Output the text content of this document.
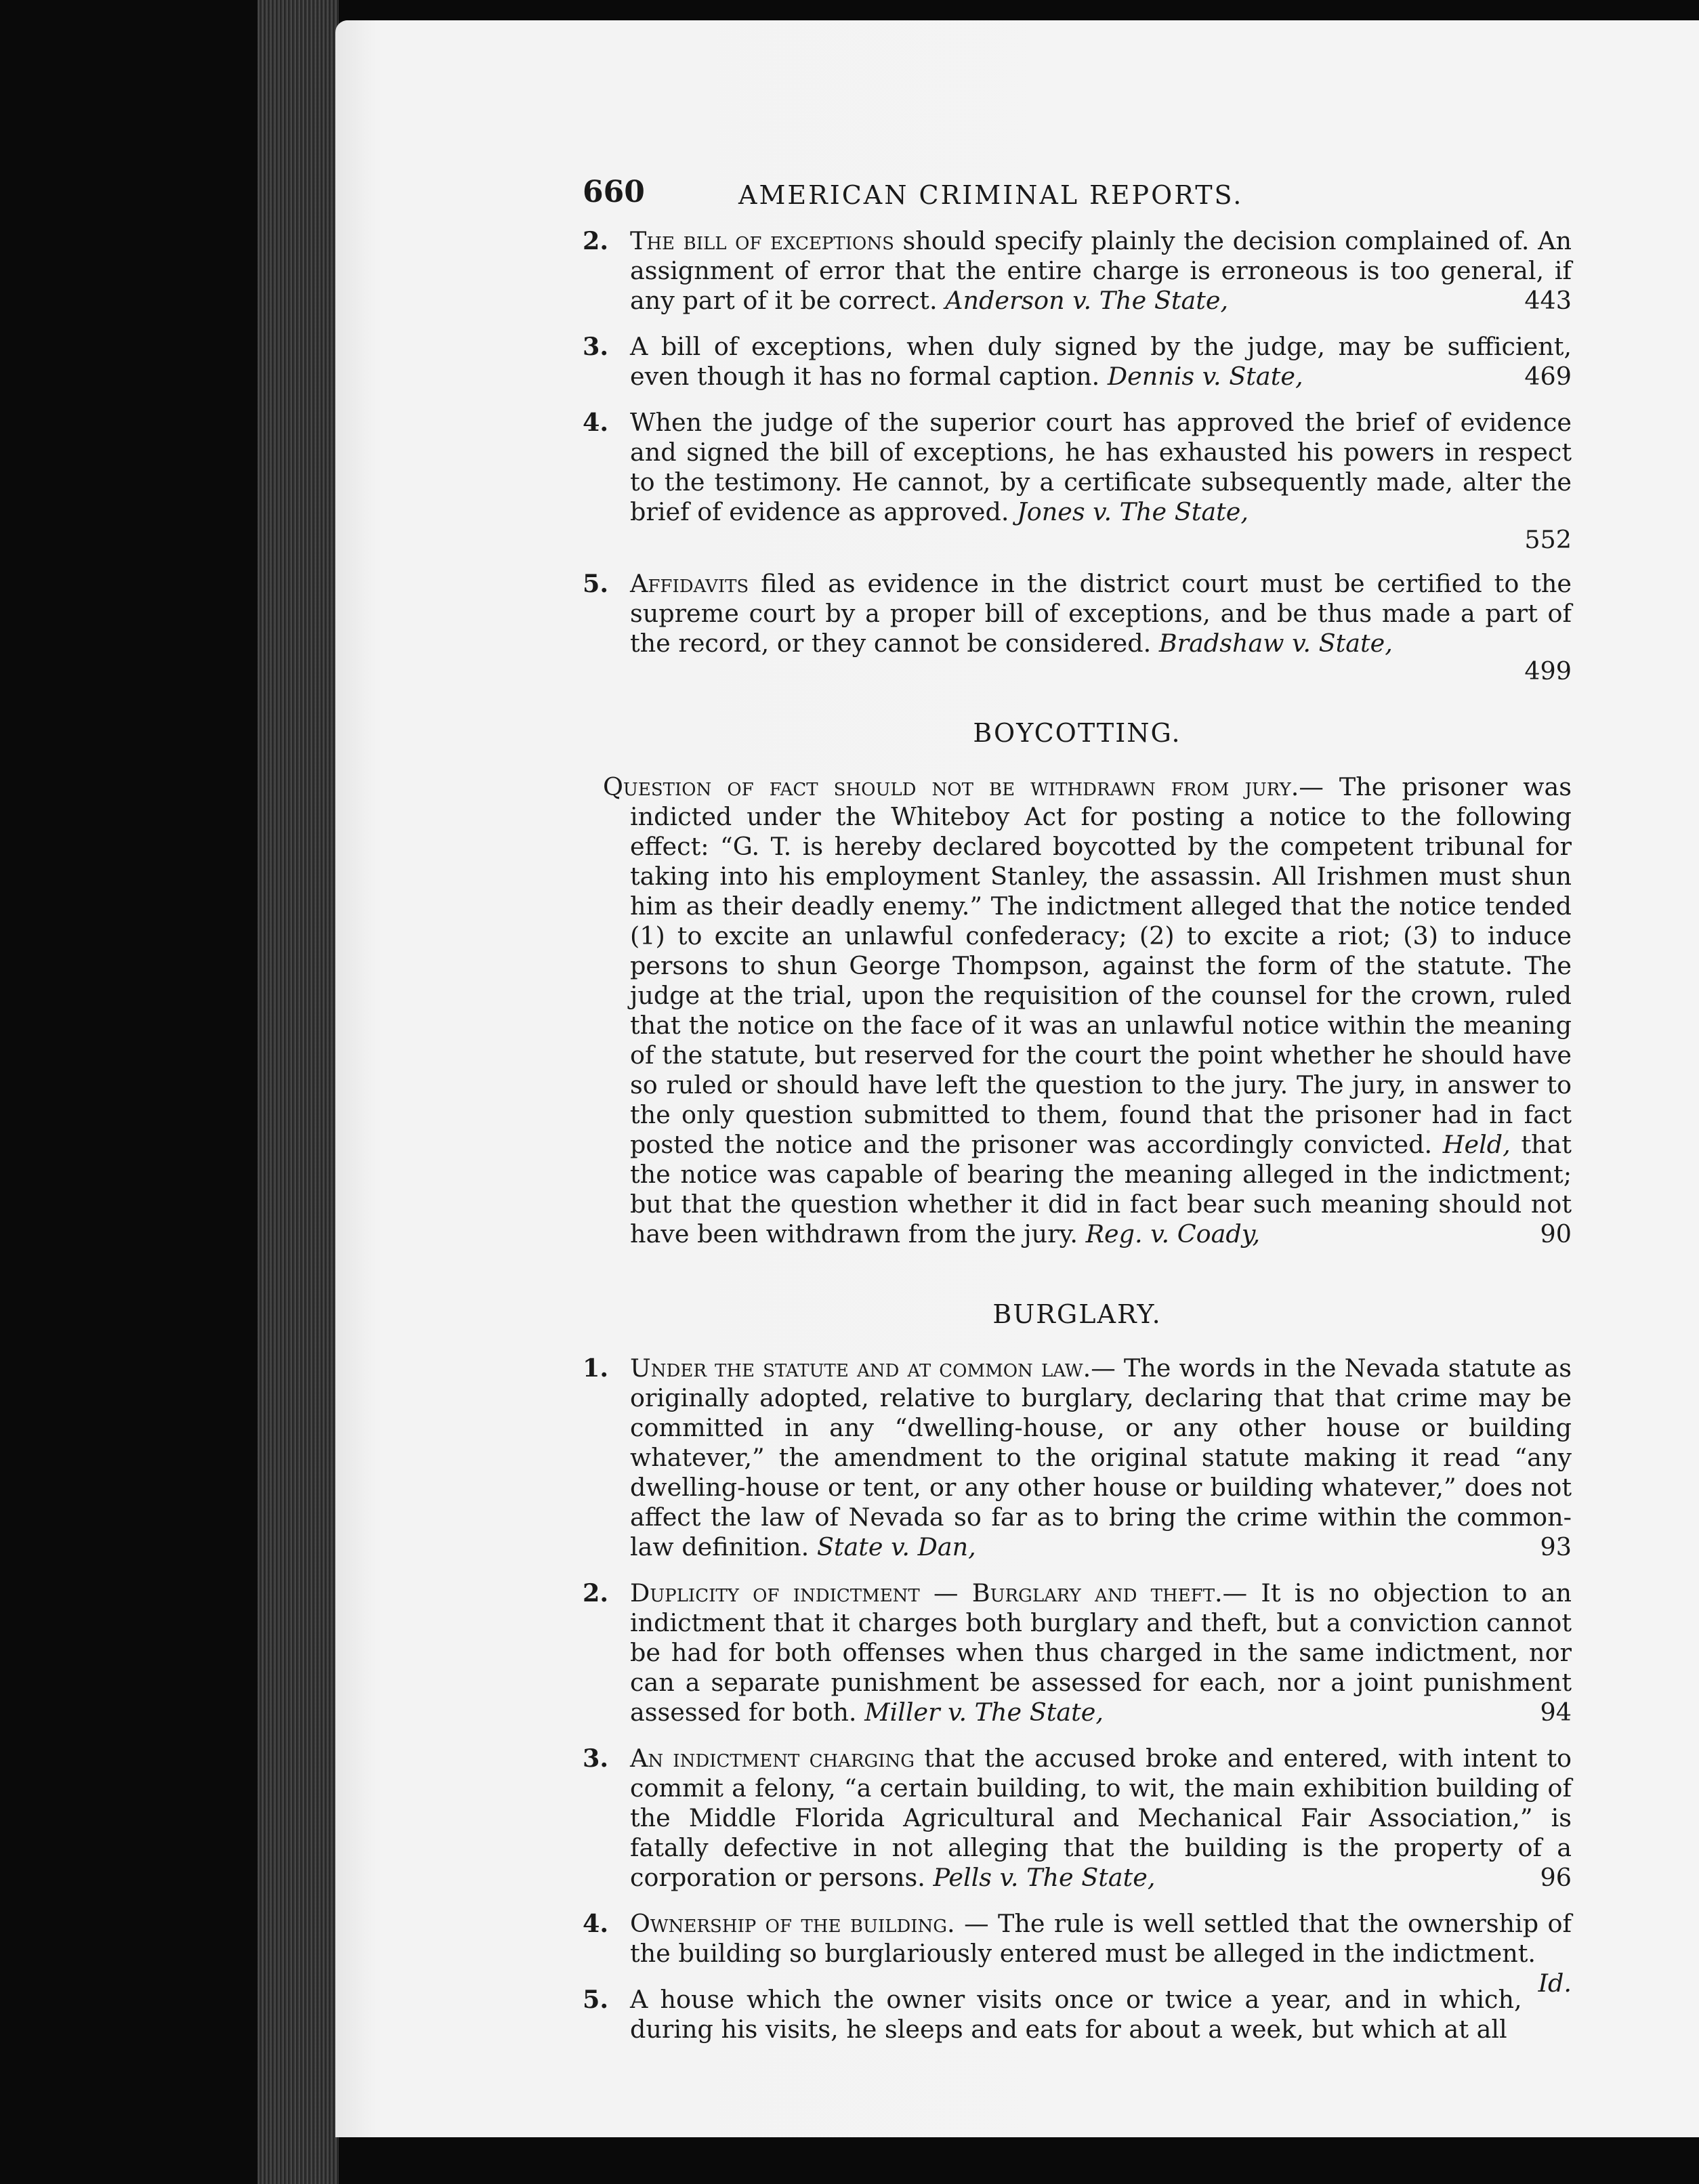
660	AMERICAN CRIMINAL REPORTS.
2. The bill of exceptions should specify plainly the decision complained of. An assignment of error that the entire charge is erroneous is too general, if any part of it be correct. Anderson v. The State,	443

3. A bill of exceptions, when duly signed by the judge, may be sufficient, even though it has no formal caption. Dennis v. State,	469

4. When the judge of the superior court has approved the brief of evidence and signed the bill of exceptions, he has exhausted his powers in respect to the testimony. He cannot, by a certificate subsequently made, alter the brief of evidence as approved. Jones v. The State,

552

5. Affidavits filed as evidence in the district court must be certified to the supreme court by a proper bill of exceptions, and be thus made a part of the record, or they cannot be considered. Bradshaw v. State,

499

BOYCOTTING.

Question of fact should not be withdrawn from jury.— The prisoner was indicted under the Whiteboy Act for posting a notice to the following effect: “G. T. is hereby declared boycotted by the competent tribunal for taking into his employment Stanley, the assassin. All Irishmen must shun him as their deadly enemy.” The indictment alleged that the notice tended (1) to excite an unlawful confederacy; (2) to excite a riot; (3) to induce persons to shun George Thompson, against the form of the statute. The judge at the trial, upon the requisition of the counsel for the crown, ruled that the notice on the face of it was an unlawful notice within the meaning of the statute, but reserved for the court the point whether he should have so ruled or should have left the question to the jury. The jury, in answer to the only question submitted to them, found that the prisoner had in fact posted the notice and the prisoner was accordingly convicted. Held, that the notice was capable of bearing the meaning alleged in the indictment; but that the question whether it did in fact bear such meaning should not have been withdrawn from the jury. Reg. v. Coady,	90

BURGLARY.
1. Under the statute and at common law.— The words in the Nevada statute as originally adopted, relative to burglary, declaring that that crime may be committed in any “dwelling-house, or any other house or building whatever,” the amendment to the original statute making it read “any dwelling-house or tent, or any other house or building whatever,” does not affect the law of Nevada so far as to bring the crime within the common-law definition. State v. Dan,	93

2. Duplicity of indictment — Burglary and theft.— It is no objection to an indictment that it charges both burglary and theft, but a conviction cannot be had for both offenses when thus charged in the same indictment, nor can a separate punishment be assessed for each, nor a joint punishment assessed for both. Miller v. The State,	94

3. An indictment charging that the accused broke and entered, with intent to commit a felony, “a certain building, to wit, the main exhibition building of the Middle Florida Agricultural and Mechanical Fair Association,” is fatally defective in not alleging that the building is the property of a corporation or persons. Pells v. The State,	96

4. Ownership of the building. — The rule is well settled that the ownership of the building so burglariously entered must be alleged in the indictment.
Id.

5. A house which the owner visits once or twice a year, and in which, during his visits, he sleeps and eats for about a week, but which at all
